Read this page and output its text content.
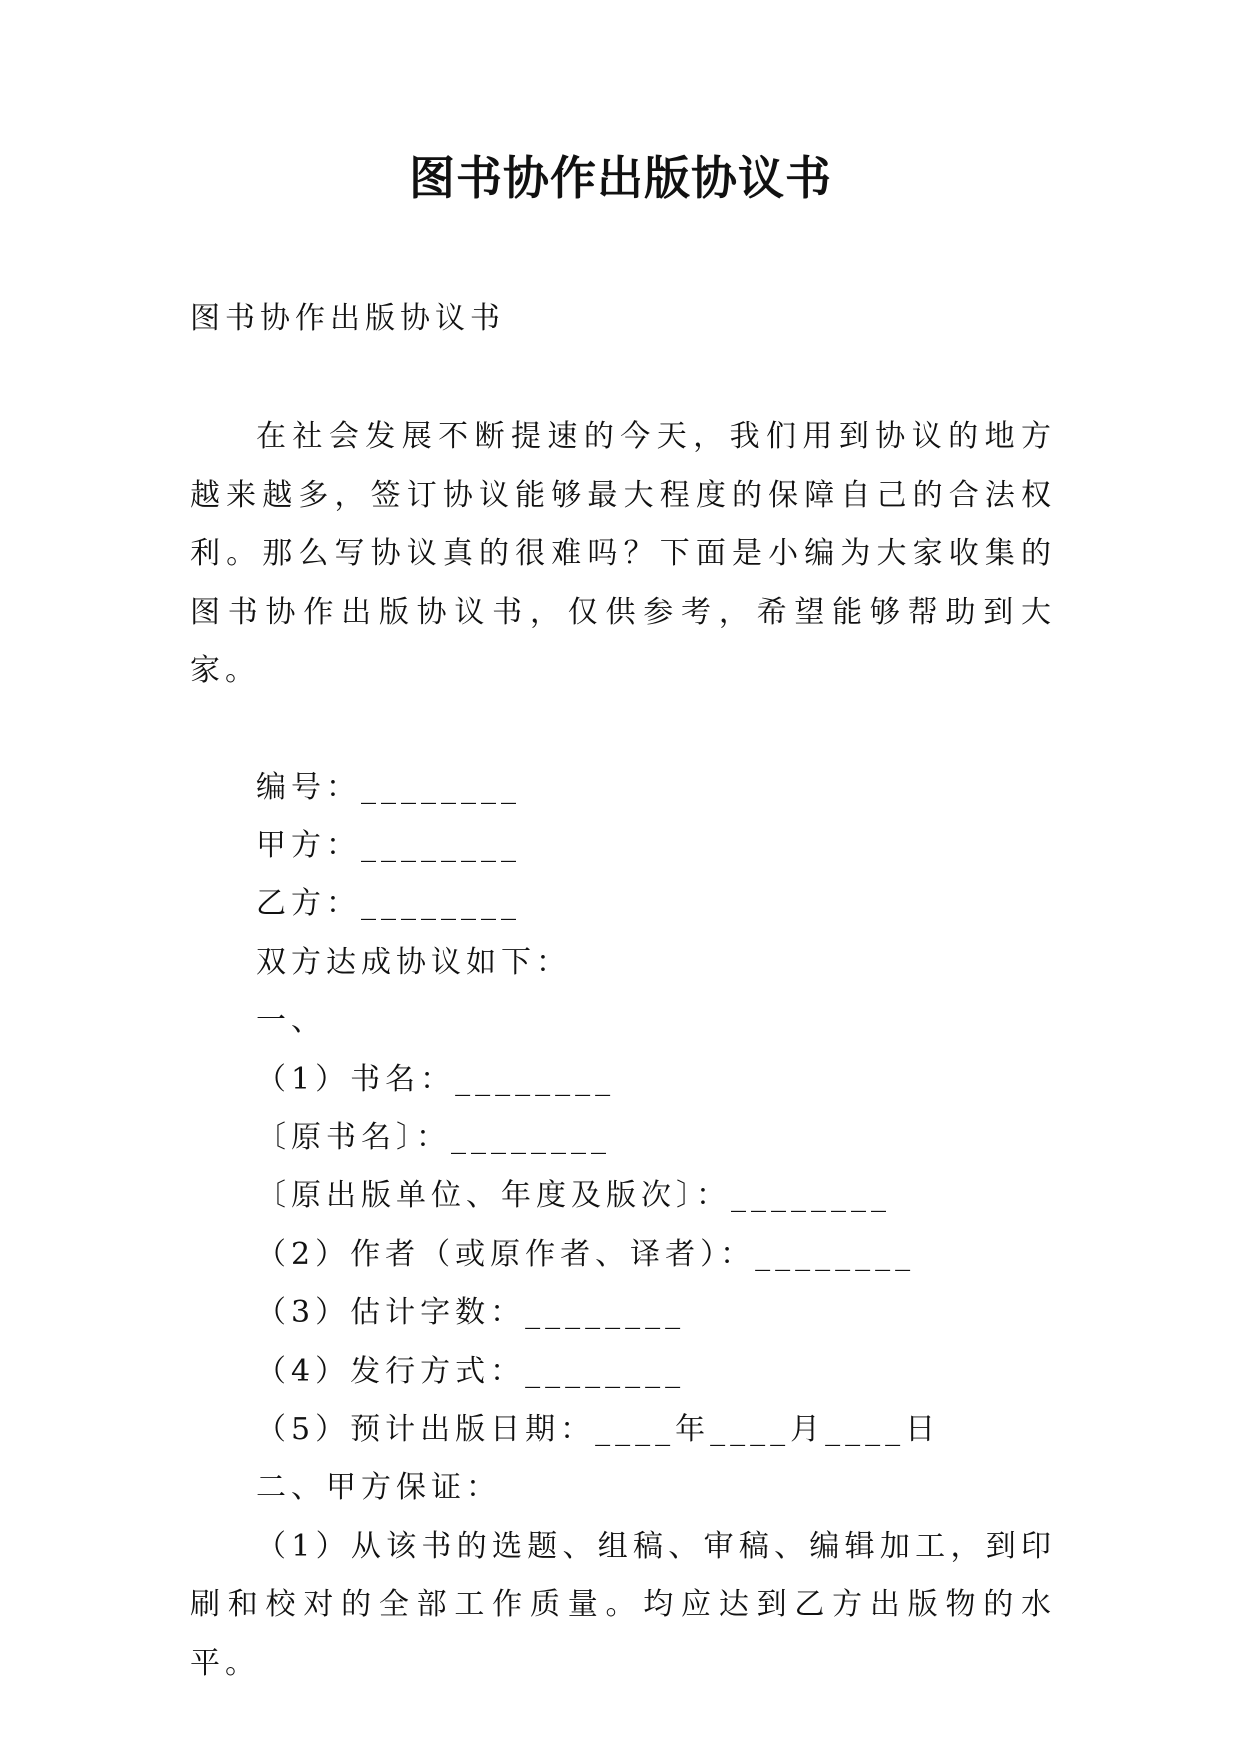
图书协作出版协议书

图书协作出版协议书

在社会发展不断提速的今天，我们用到协议的地方越来越多，签订协议能够最大程度的保障自己的合法权利。那么写协议真的很难吗？下面是小编为大家收集的图书协作出版协议书，仅供参考，希望能够帮助到大家。

编号：________
甲方：________
乙方：________
双方达成协议如下：
一、
（1）书名：________
〔原书名〕：________
〔原出版单位、年度及版次〕：________
（2）作者（或原作者、译者）：________
（3）估计字数：________
（4）发行方式：________
（5）预计出版日期：____年____月____日
二、甲方保证：

（1）从该书的选题、组稿、审稿、编辑加工，到印刷和校对的全部工作质量。均应达到乙方出版物的水平。
